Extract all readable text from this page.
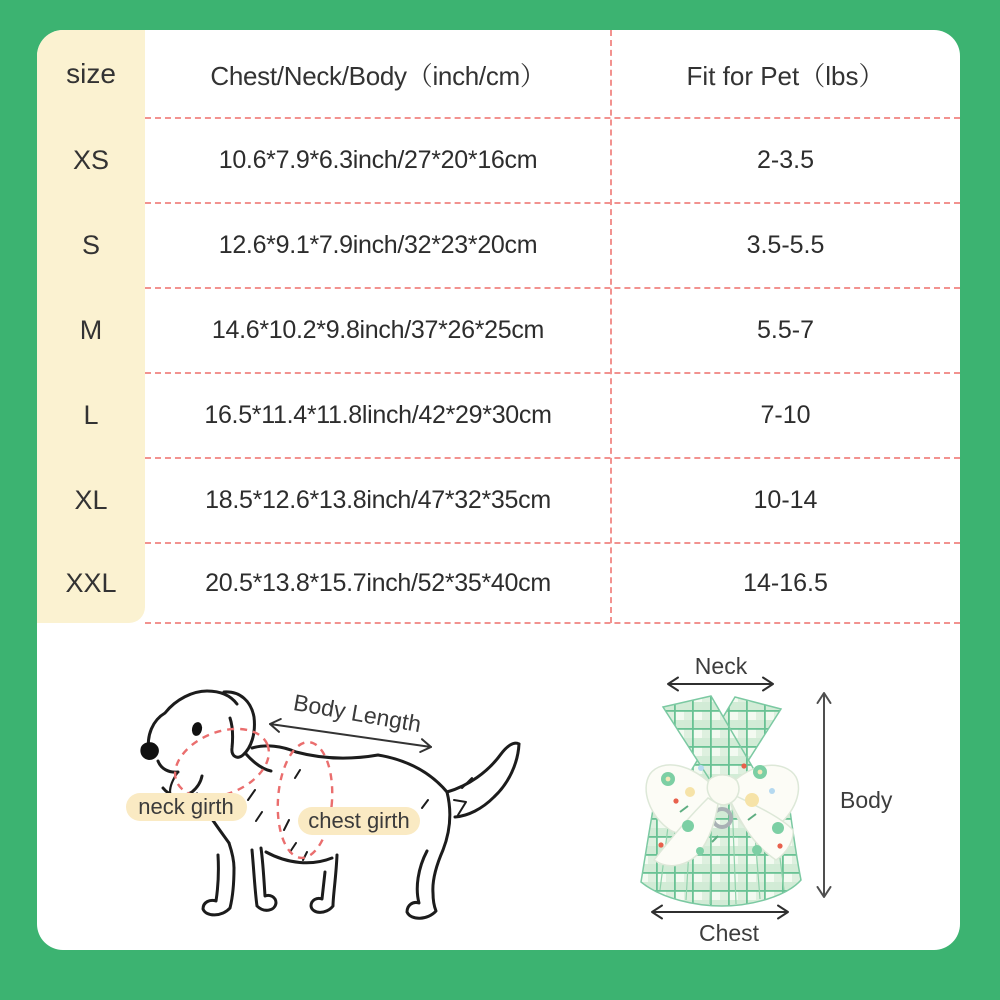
size	Chest/Neck/Body（inch/cm）	Fit for Pet（lbs）
XS	10.6*7.9*6.3inch/27*20*16cm	2-3.5
S	12.6*9.1*7.9inch/32*23*20cm	3.5-5.5
M	14.6*10.2*9.8inch/37*26*25cm	5.5-7
L	16.5*11.4*11.8linch/42*29*30cm	7-10
XL	18.5*12.6*13.8inch/47*32*35cm	10-14
XXL	20.5*13.8*15.7inch/52*35*40cm	14-16.5
Body Length
neck girth
chest girth
Neck
Body
Chest
